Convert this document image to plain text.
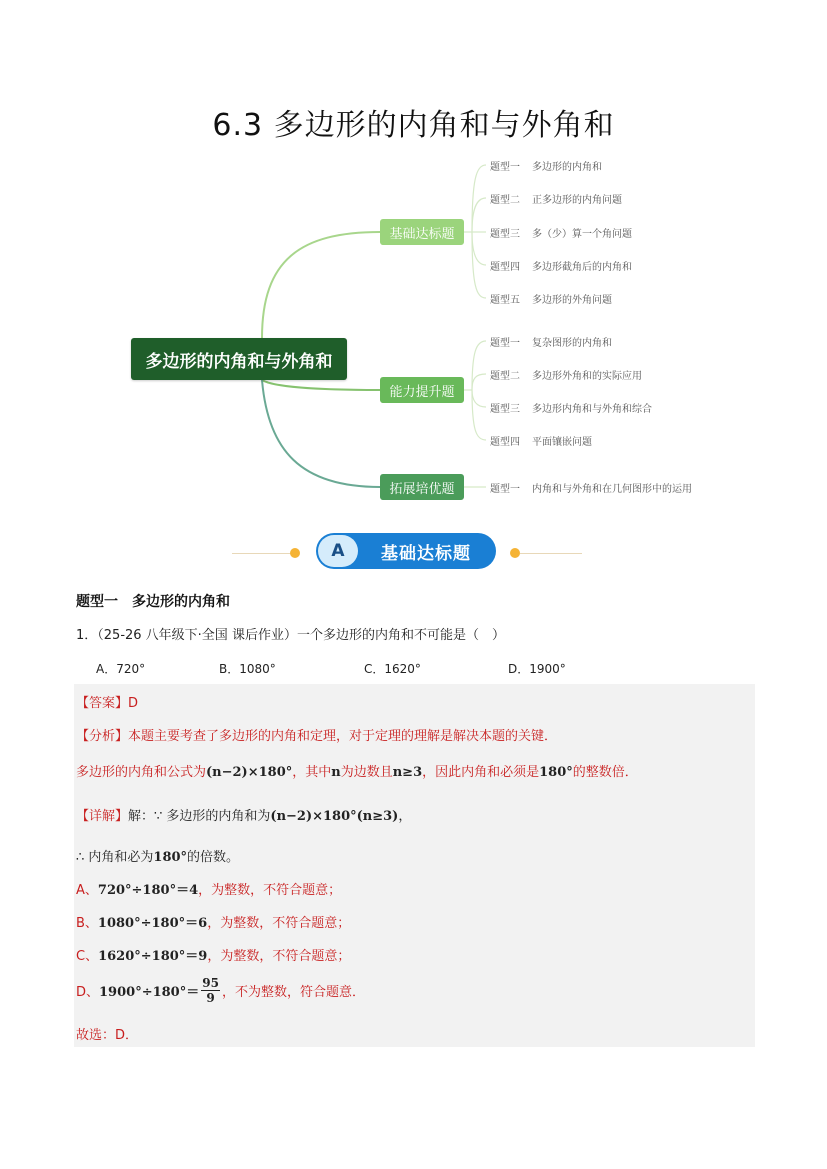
6.3 多边形的内角和与外角和
多边形的内角和与外角和
基础达标题
能力提升题
拓展培优题
题型一 多边形的内角和
题型二 正多边形的内角问题
题型三 多（少）算一个角问题
题型四 多边形截角后的内角和
题型五 多边形的外角问题
题型一 复杂图形的内角和
题型二 多边形外角和的实际应用
题型三 多边形内角和与外角和综合
题型四 平面镶嵌问题
题型一 内角和与外角和在几何图形中的运用
A	基础达标题
题型一　多边形的内角和
1．（25-26 八年级下·全国 课后作业）一个多边形的内角和不可能是（　）
A．720°	B．1080°	C．1620°	D．1900°
【答案】D
【分析】本题主要考查了多边形的内角和定理，对于定理的理解是解决本题的关键．
多边形的内角和公式为(n−2)×180°，其中n为边数且n≥3，因此内角和必须是180°的整数倍．
【详解】解：∵ 多边形的内角和为(n−2)×180°(n≥3)，
∴ 内角和必为180°的倍数。
A、720°÷180°＝4，为整数，不符合题意；
B、1080°÷180°＝6，为整数，不符合题意；
C、1620°÷180°＝9，为整数，不符合题意；
D、 1900°÷180°＝
95
9 ，不为整数，符合题意．
故选：D．
